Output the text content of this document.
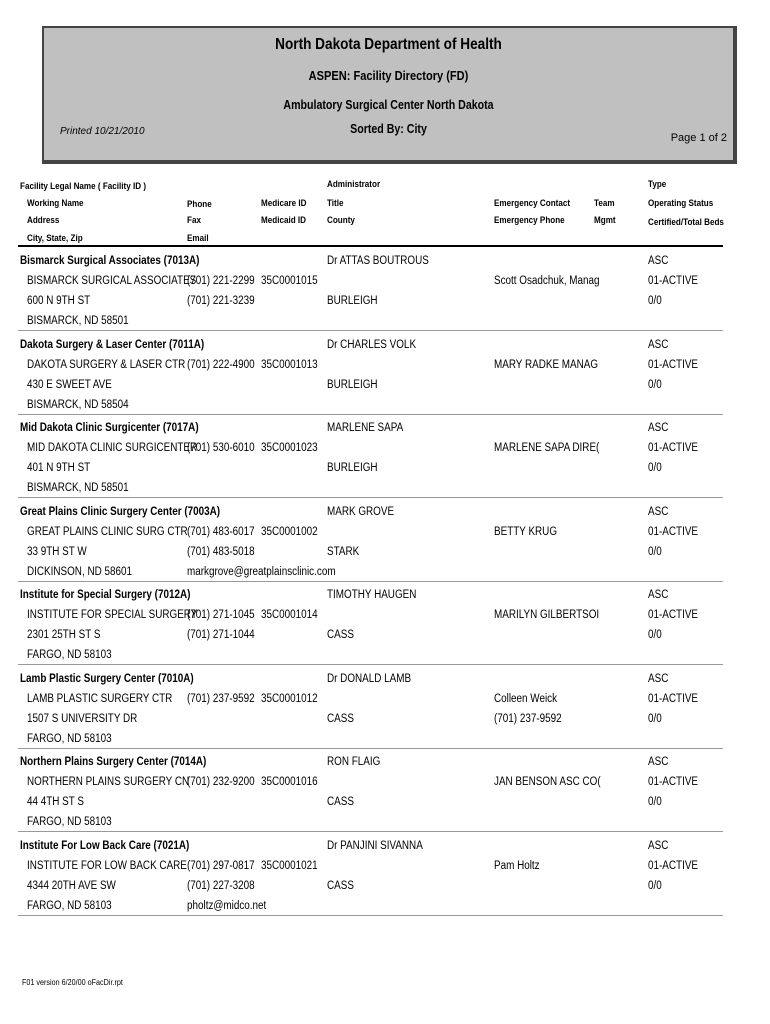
North Dakota Department of Health
ASPEN: Facility Directory (FD)
Ambulatory Surgical Center North Dakota
Sorted By: City
Printed 10/21/2010
Page 1 of 2
Facility Legal Name ( Facility ID )
Working Name
Address
City, State, Zip
Phone
Fax
Email
Medicare ID
Medicaid ID
Administrator
Title
County
Emergency Contact
Emergency Phone
Team
Mgmt
Type
Operating Status
Certified/Total Beds
Bismarck Surgical Associates (7013A)
BISMARCK SURGICAL ASSOCIATES
600 N 9TH ST
BISMARCK, ND 58501
(701) 221-2299
(701) 221-3239
35C0001015
Dr ATTAS BOUTROUS
BURLEIGH
Scott Osadchuk, Manag
ASC
01-ACTIVE
0/0
Dakota Surgery & Laser Center (7011A)
DAKOTA SURGERY & LASER CTR
430 E SWEET AVE
BISMARCK, ND 58504
(701) 222-4900 35C0001013
Dr CHARLES VOLK
BURLEIGH
MARY RADKE MANAG
ASC
01-ACTIVE
0/0
Mid Dakota Clinic Surgicenter (7017A)
MID DAKOTA CLINIC SURGICENTER
401 N 9TH ST
BISMARCK, ND 58501
(701) 530-6010 35C0001023
MARLENE SAPA
BURLEIGH
MARLENE SAPA DIRE(
ASC
01-ACTIVE
0/0
Great Plains Clinic Surgery Center (7003A)
GREAT PLAINS CLINIC SURG CTR
33 9TH ST W
DICKINSON, ND 58601
(701) 483-6017
(701) 483-5018
markgrove@greatplainsclinic.com
35C0001002
MARK GROVE
STARK
BETTY KRUG
ASC
01-ACTIVE
0/0
Institute for Special Surgery (7012A)
INSTITUTE FOR SPECIAL SURGERY
2301 25TH ST S
FARGO, ND 58103
(701) 271-1045
(701) 271-1044
35C0001014
TIMOTHY HAUGEN
CASS
MARILYN GILBERTSOI
ASC
01-ACTIVE
0/0
Lamb Plastic Surgery Center (7010A)
LAMB PLASTIC SURGERY CTR
1507 S UNIVERSITY DR
FARGO, ND 58103
(701) 237-9592 35C0001012
Dr DONALD LAMB
CASS
Colleen Weick
(701) 237-9592
ASC
01-ACTIVE
0/0
Northern Plains Surgery Center (7014A)
NORTHERN PLAINS SURGERY CN
44 4TH ST S
FARGO, ND 58103
(701) 232-9200 35C0001016
RON FLAIG
CASS
JAN BENSON ASC CO(
ASC
01-ACTIVE
0/0
Institute For Low Back Care (7021A)
INSTITUTE FOR LOW BACK CARE
4344 20TH AVE SW
FARGO, ND 58103
(701) 297-0817
(701) 227-3208
pholtz@midco.net
35C0001021
Dr PANJINI SIVANNA
CASS
Pam Holtz
ASC
01-ACTIVE
0/0
F01 version 6/20/00 oFacDir.rpt
